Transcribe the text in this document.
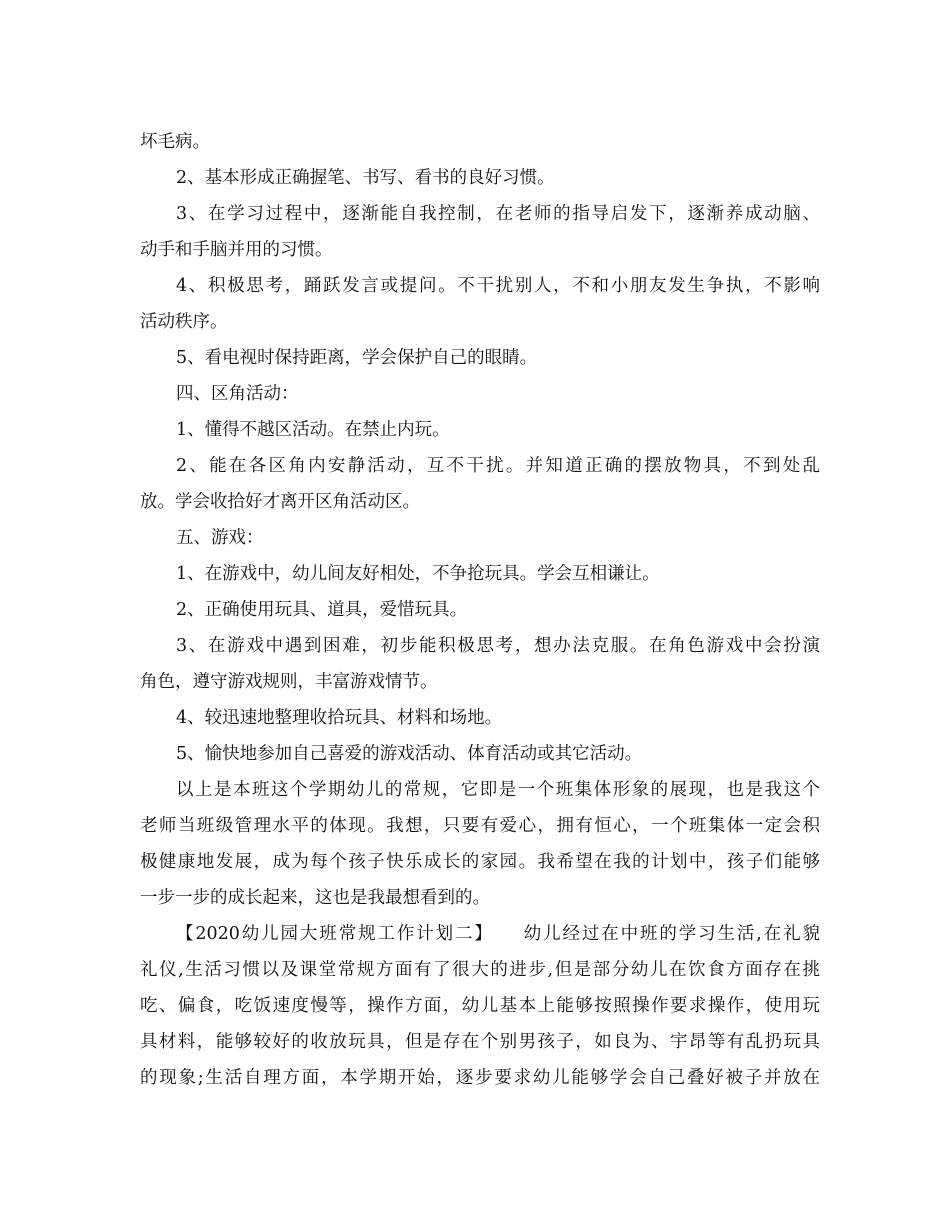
坏毛病。
2、基本形成正确握笔、书写、看书的良好习惯。
3、在学习过程中，逐渐能自我控制，在老师的指导启发下，逐渐养成动脑、
动手和手脑并用的习惯。
4、积极思考，踊跃发言或提问。不干扰别人，不和小朋友发生争执，不影响
活动秩序。
5、看电视时保持距离，学会保护自己的眼睛。
四、区角活动：
1、懂得不越区活动。在禁止内玩。
2、能在各区角内安静活动，互不干扰。并知道正确的摆放物具，不到处乱
放。学会收拾好才离开区角活动区。
五、游戏：
1、在游戏中，幼儿间友好相处，不争抢玩具。学会互相谦让。
2、正确使用玩具、道具，爱惜玩具。
3、在游戏中遇到困难，初步能积极思考，想办法克服。在角色游戏中会扮演
角色，遵守游戏规则，丰富游戏情节。
4、较迅速地整理收拾玩具、材料和场地。
5、愉快地参加自己喜爱的游戏活动、体育活动或其它活动。
以上是本班这个学期幼儿的常规，它即是一个班集体形象的展现，也是我这个
老师当班级管理水平的体现。我想，只要有爱心，拥有恒心，一个班集体一定会积
极健康地发展，成为每个孩子快乐成长的家园。我希望在我的计划中，孩子们能够
一步一步的成长起来，这也是我最想看到的。
【2020幼儿园大班常规工作计划二】　　幼儿经过在中班的学习生活,在礼貌
礼仪,生活习惯以及课堂常规方面有了很大的进步,但是部分幼儿在饮食方面存在挑
吃、偏食，吃饭速度慢等，操作方面，幼儿基本上能够按照操作要求操作，使用玩
具材料，能够较好的收放玩具，但是存在个别男孩子，如良为、宇昂等有乱扔玩具
的现象;生活自理方面，本学期开始，逐步要求幼儿能够学会自己叠好被子并放在
